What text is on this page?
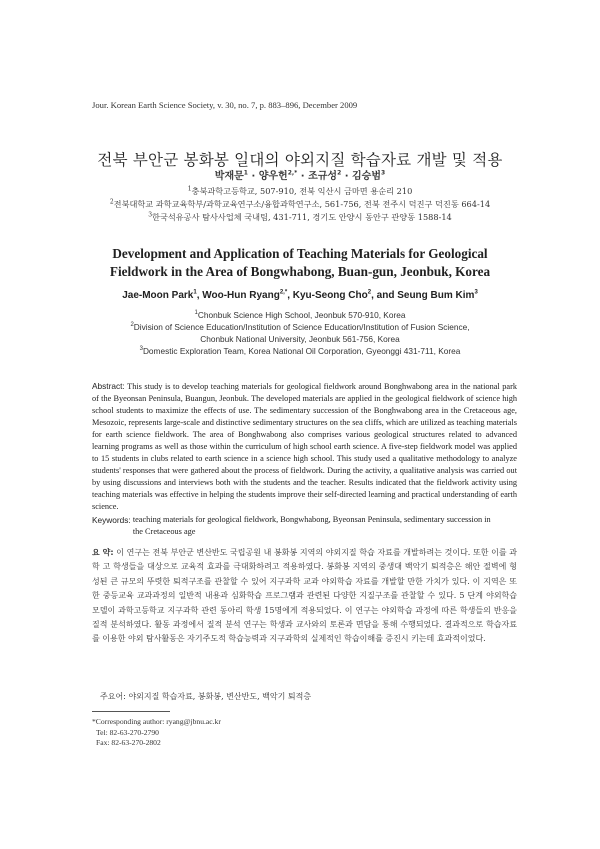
Jour. Korean Earth Science Society, v. 30, no. 7, p. 883–896, December 2009
전북 부안군 봉화봉 일대의 야외지질 학습자료 개발 및 적용
박재문$^1$ · 양우헌$^{2,*}$ · 조규성$^2$ · 김승범$^3$
$^1$충북과학고등학교, 507-910, 전북 익산시 금마면 용순리 210
$^2$전북대학교 과학교육학부/과학교육연구소/융합과학연구소, 561-756, 전북 전주시 덕진구 덕진동 664-14
$^3$한국석유공사 탐사사업체 국내팀, 431-711, 경기도 안양시 동안구 관양동 1588-14
Development and Application of Teaching Materials for Geological
Fieldwork in the Area of Bongwhabong, Buan-gun, Jeonbuk, Korea
Jae-Moon Park$^1$, Woo-Hun Ryang$^{2,*}$, Kyu-Seong Cho$^2$, and Seung Bum Kim$^3$
$^1$Chonbuk Science High School, Jeonbuk 570-910, Korea
$^2$Division of Science Education/Institution of Science Education/Institution of Fusion Science,
Chonbuk National University, Jeonbuk 561-756, Korea
$^3$Domestic Exploration Team, Korea National Oil Corporation, Gyeonggi 431-711, Korea
Abstract: This study is to develop teaching materials for geological fieldwork around Bonghwabong area in the national park of the Byeonsan Peninsula, Buangun, Jeonbuk. The developed materials are applied in the geological fieldwork of science high school students to maximize the effects of use. The sedimentary succession of the Bonghwabong area in the Cretaceous age, Mesozoic, represents large-scale and distinctive sedimentary structures on the sea cliffs, which are utilized as teaching materials for earth science fieldwork. The area of Bonghwabong also comprises various geological structures related to advanced learning programs as well as those within the curriculum of high school earth science. A five-step fieldwork model was applied to 15 students in clubs related to earth science in a science high school. This study used a qualitative methodology to analyze students' responses that were gathered about the process of fieldwork. During the activity, a qualitative analysis was carried out by using discussions and interviews both with the students and the teacher. Results indicated that the fieldwork activity using teaching materials was effective in helping the students improve their self-directed learning and practical understanding of earth science.
Keywords: teaching materials for geological fieldwork, Bongwhabong, Byeonsan Peninsula, sedimentary succession in the Cretaceous age
요 약: 이 연구는 전북 부안군 변산반도 국립공원 내 봉화봉 지역의 야외지질 학습 자료를 개발하려는 것이다. 또한 이를 과학 고 학생들을 대상으로 교육적 효과를 극대화하려고 적용하였다. 봉화봉 지역의 중생대 백악기 퇴적층은 해안 절벽에 형성된 큰 규모의 뚜렷한 퇴적구조를 관찰할 수 있어 지구과학 교과 야외학습 자료를 개발할 만한 가치가 있다. 이 지역은 또한 중등교육 교과과정의 일반적 내용과 심화학습 프로그램과 관련된 다양한 지질구조를 관찰할 수 있다. 5 단계 야외학습 모델이 과학고등학교 지구과학 관련 동아리 학생 15명에게 적용되었다. 이 연구는 야외학습 과정에 따른 학생들의 반응을 질적 분석하였다. 활동 과정에서 질적 분석 연구는 학생과 교사와의 토론과 면담을 통해 수행되었다. 결과적으로 학습자료를 이용한 야외 탐사활동은 자기주도적 학습능력과 지구과학의 실제적인 학습이해를 증진시 키는데 효과적이었다.
주요어: 야외지질 학습자료, 봉화봉, 변산반도, 백악기 퇴적층
*Corresponding author: ryang@jbnu.ac.kr
Tel: 82-63-270-2790
Fax: 82-63-270-2802
